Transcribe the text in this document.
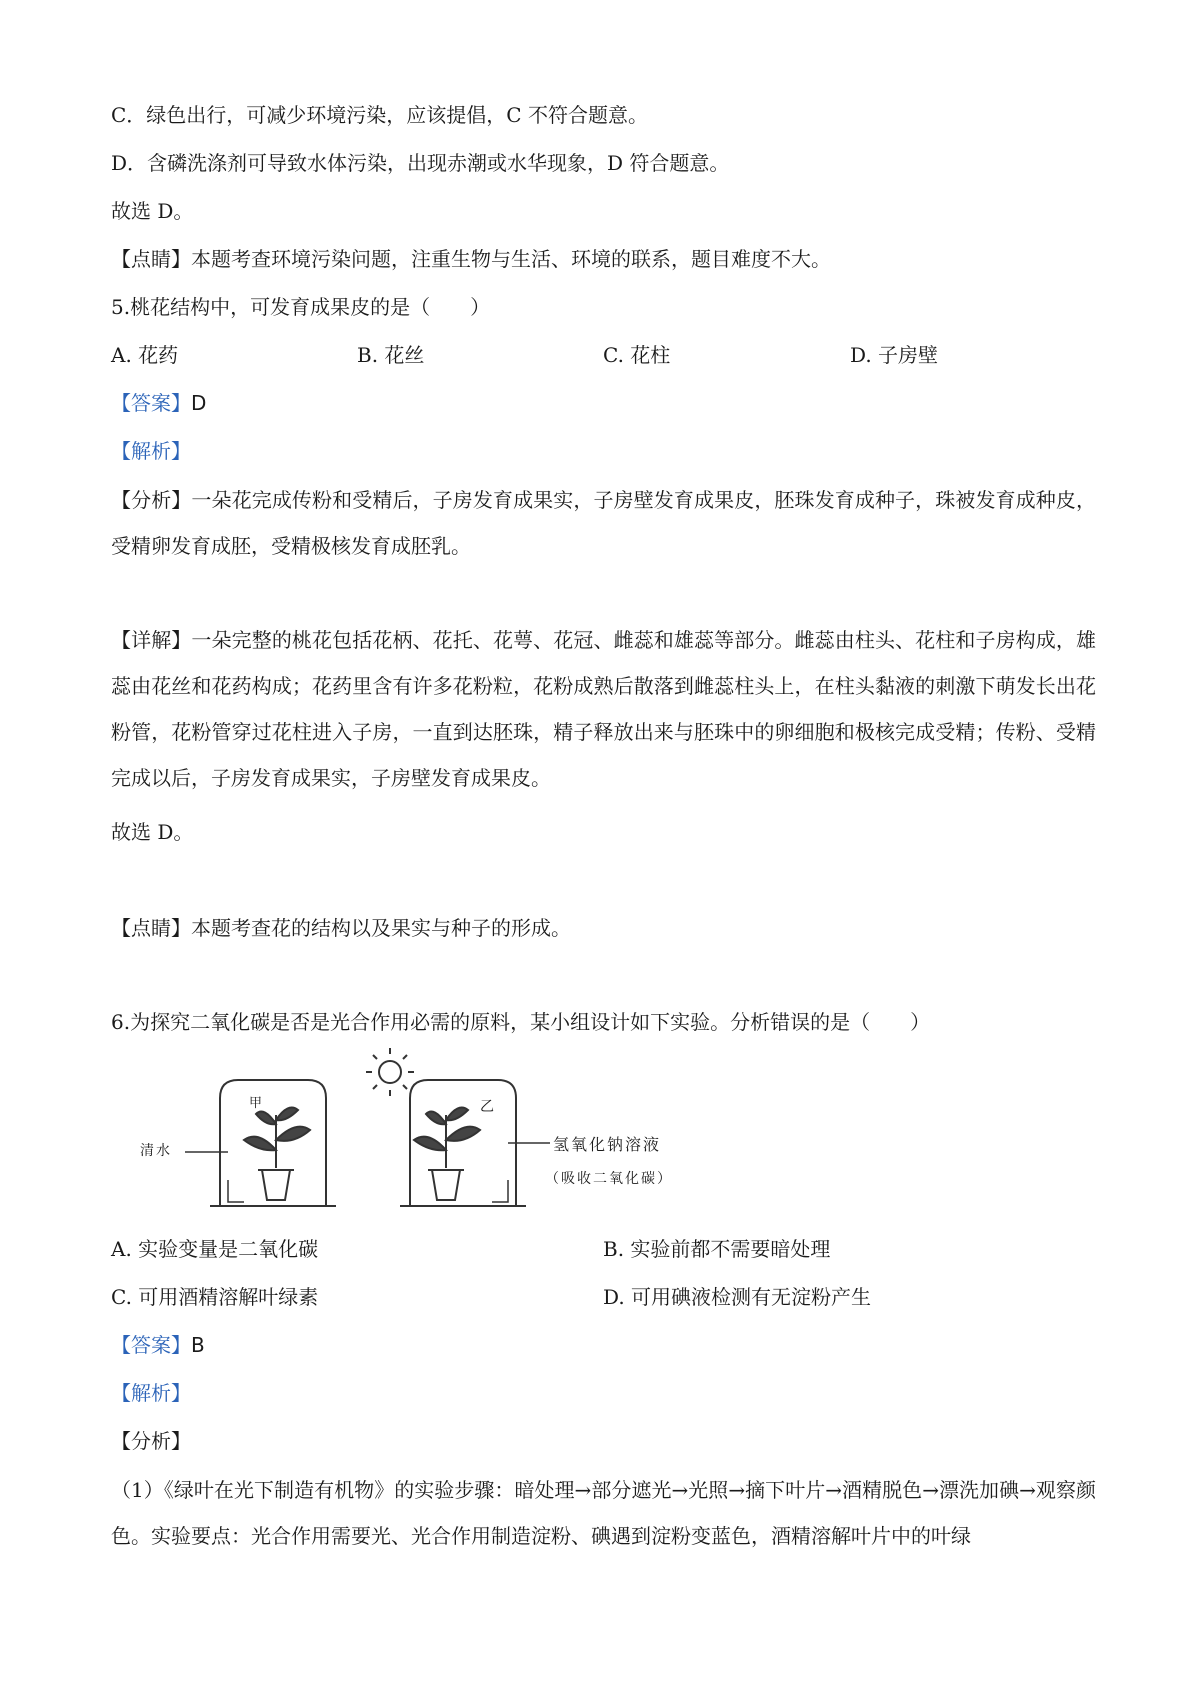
C．绿色出行，可减少环境污染，应该提倡，C 不符合题意。
D．含磷洗涤剂可导致水体污染，出现赤潮或水华现象，D 符合题意。
故选 D。
【点睛】本题考查环境污染问题，注重生物与生活、环境的联系，题目难度不大。
5.桃花结构中，可发育成果皮的是（　　）
A. 花药	B. 花丝	C. 花柱	D. 子房壁
【答案】D
【解析】
【分析】一朵花完成传粉和受精后，子房发育成果实，子房壁发育成果皮，胚珠发育成种子，珠被发育成种皮，受精卵发育成胚，受精极核发育成胚乳。
【详解】一朵完整的桃花包括花柄、花托、花萼、花冠、雌蕊和雄蕊等部分。雌蕊由柱头、花柱和子房构成，雄蕊由花丝和花药构成；花药里含有许多花粉粒，花粉成熟后散落到雌蕊柱头上，在柱头黏液的刺激下萌发长出花粉管，花粉管穿过花柱进入子房，一直到达胚珠，精子释放出来与胚珠中的卵细胞和极核完成受精；传粉、受精完成以后，子房发育成果实，子房壁发育成果皮。
故选 D。
【点睛】本题考查花的结构以及果实与种子的形成。
6.为探究二氧化碳是否是光合作用必需的原料，某小组设计如下实验。分析错误的是（　　）
甲	乙
清水	氢氧化钠溶液
（吸收二氧化碳）
A. 实验变量是二氧化碳	B. 实验前都不需要暗处理
C. 可用酒精溶解叶绿素	D. 可用碘液检测有无淀粉产生
【答案】B
【解析】
【分析】
（1）《绿叶在光下制造有机物》的实验步骤：暗处理→部分遮光→光照→摘下叶片→酒精脱色→漂洗加碘→观察颜色。实验要点：光合作用需要光、光合作用制造淀粉、碘遇到淀粉变蓝色，酒精溶解叶片中的叶绿
